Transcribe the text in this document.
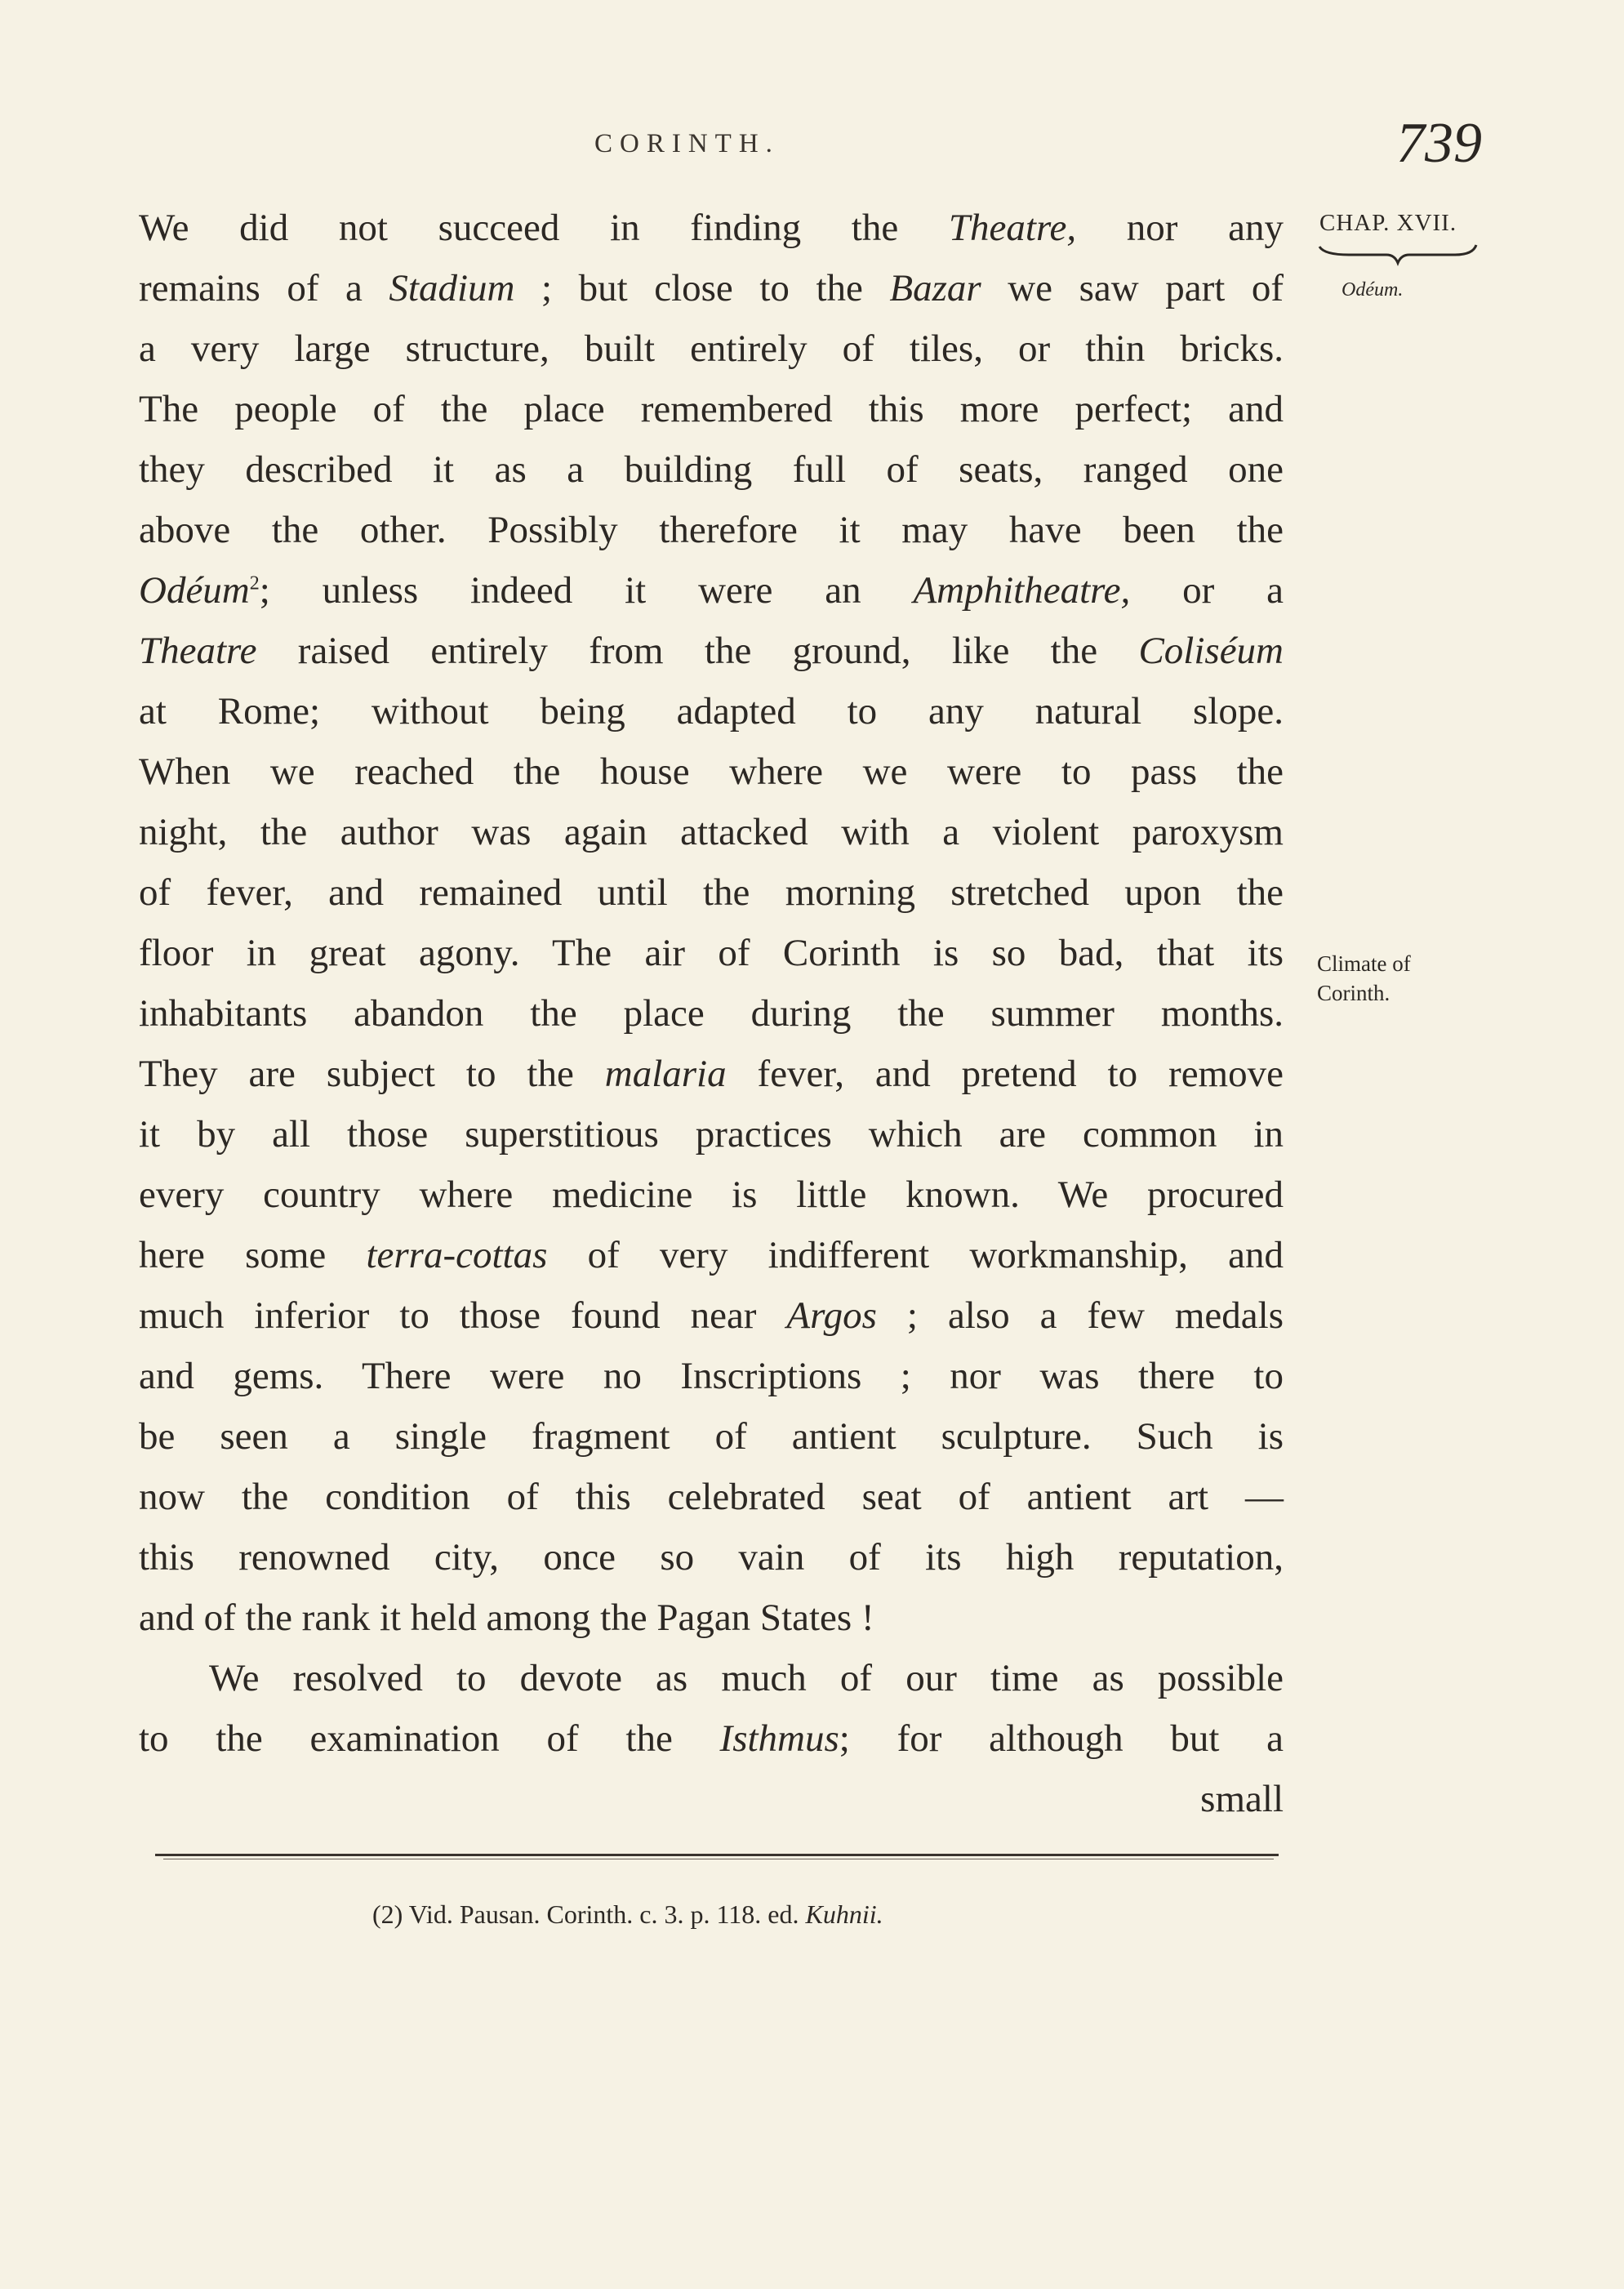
CORINTH.	739
CHAP. XVII.
Odéum.
Climate of
Corinth.
We did not succeed in finding the Theatre, nor any
remains of a Stadium ; but close to the Bazar we saw part of
a very large structure, built entirely of tiles, or thin bricks.
The people of the place remembered this more perfect; and
they described it as a building full of seats, ranged one
above the other. Possibly therefore it may have been the
Odéum$^2$; unless indeed it were an Amphitheatre, or a
Theatre raised entirely from the ground, like the Coliséum
at Rome; without being adapted to any natural slope.
When we reached the house where we were to pass the
night, the author was again attacked with a violent paroxysm
of fever, and remained until the morning stretched upon the
floor in great agony. The air of Corinth is so bad, that its
inhabitants abandon the place during the summer months.
They are subject to the malaria fever, and pretend to remove
it by all those superstitious practices which are common in
every country where medicine is little known. We procured
here some terra-cottas of very indifferent workmanship, and
much inferior to those found near Argos ; also a few medals
and gems. There were no Inscriptions ; nor was there to
be seen a single fragment of antient sculpture. Such is
now the condition of this celebrated seat of antient art —
this renowned city, once so vain of its high reputation,
and of the rank it held among the Pagan States !
We resolved to devote as much of our time as possible
to the examination of the Isthmus; for although but a
small
(2) Vid. Pausan. Corinth. c. 3. p. 118. ed. Kuhnii.
